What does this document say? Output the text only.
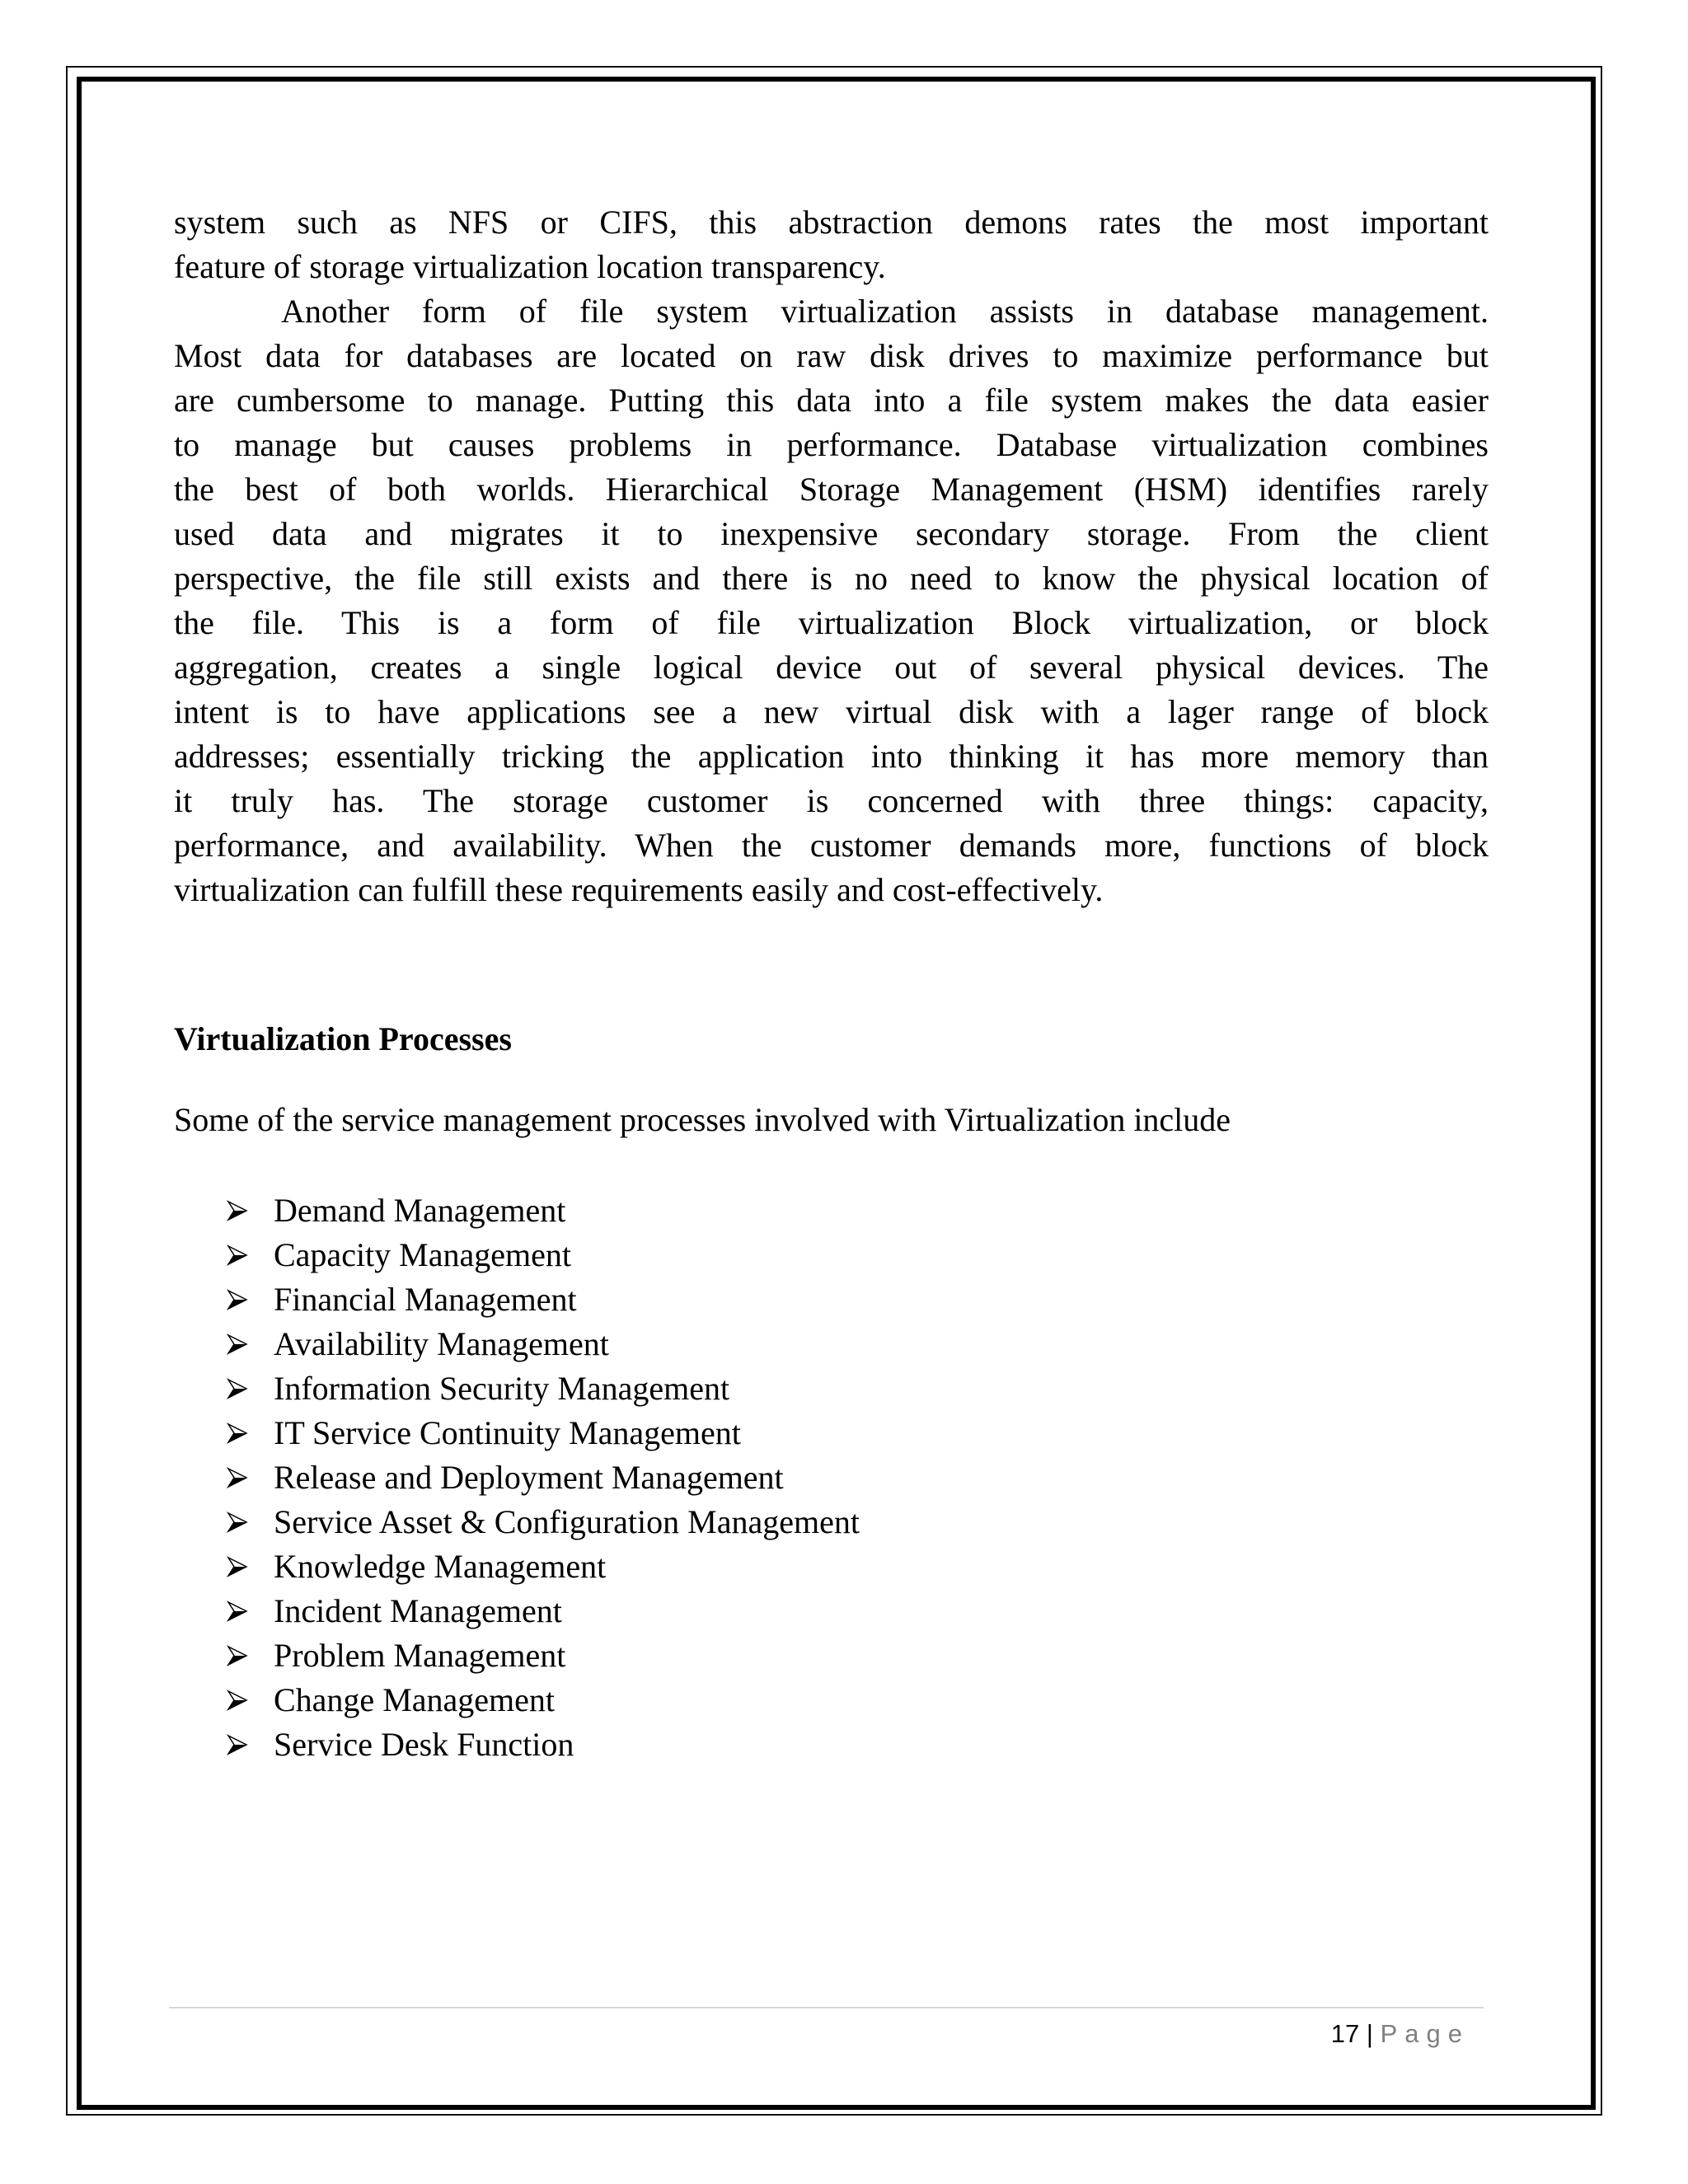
system such as NFS or CIFS, this abstraction demons rates the most important
feature of storage virtualization location transparency.
Another form of file system virtualization assists in database management.
Most data for databases are located on raw disk drives to maximize performance but
are cumbersome to manage. Putting this data into a file system makes the data easier
to manage but causes problems in performance. Database virtualization combines
the best of both worlds. Hierarchical Storage Management (HSM) identifies rarely
used data and migrates it to inexpensive secondary storage. From the client
perspective, the file still exists and there is no need to know the physical location of
the file. This is a form of file virtualization Block virtualization, or block
aggregation, creates a single logical device out of several physical devices. The
intent is to have applications see a new virtual disk with a lager range of block
addresses; essentially tricking the application into thinking it has more memory than
it truly has. The storage customer is concerned with three things: capacity,
performance, and availability. When the customer demands more, functions of block
virtualization can fulfill these requirements easily and cost-effectively.
Virtualization Processes
Some of the service management processes involved with Virtualization include
Demand Management
Capacity Management
Financial Management
Availability Management
Information Security Management
IT Service Continuity Management
Release and Deployment Management
Service Asset & Configuration Management
Knowledge Management
Incident Management
Problem Management
Change Management
Service Desk Function
17 | Page
